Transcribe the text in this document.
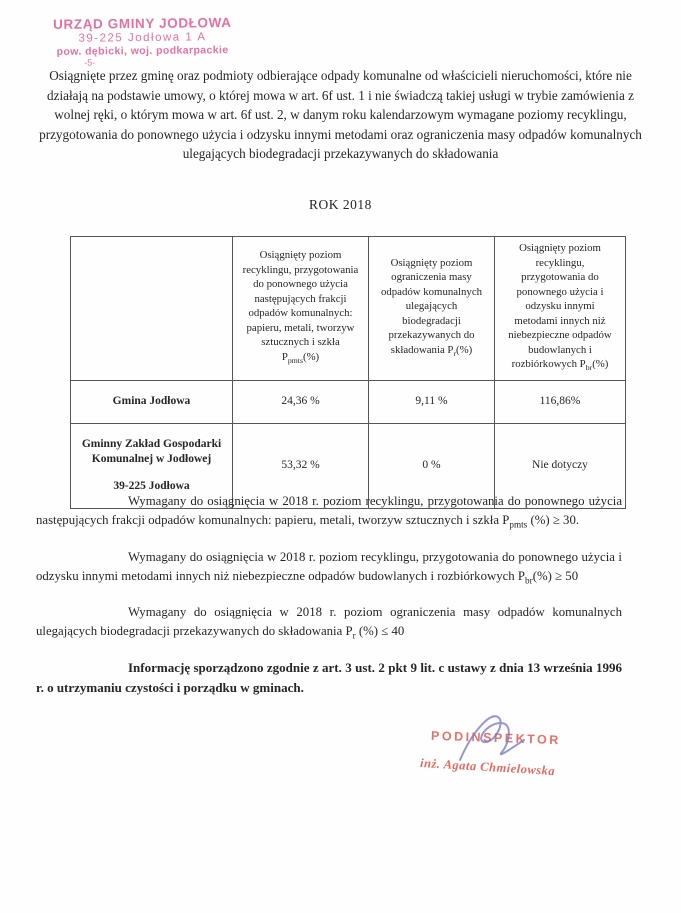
URZĄD GMINY JODŁOWA
39-225 Jodłowa 1 A
pow. dębicki, woj. podkarpackie
-5-

Osiągnięte przez gminę oraz podmioty odbierające odpady komunalne od właścicieli nieruchomości, które nie działają na podstawie umowy, o której mowa w art. 6f ust. 1 i nie świadczą takiej usługi w trybie zamówienia z wolnej ręki, o którym mowa w art. 6f ust. 2, w danym roku kalendarzowym wymagane poziomy recyklingu, przygotowania do ponownego użycia i odzysku innymi metodami oraz ograniczenia masy odpadów komunalnych ulegających biodegradacji przekazywanych do składowania

ROK 2018
	Osiągnięty poziom recyklingu, przygotowania do ponownego użycia następujących frakcji odpadów komunalnych: papieru, metali, tworzyw sztucznych i szkła $P_{pmts}(\%)$	Osiągnięty poziom ograniczenia masy odpadów komunalnych ulegających biodegradacji przekazywanych do składowania $P_r(\%)$	Osiągnięty poziom recyklingu, przygotowania do ponownego użycia i odzysku innymi metodami innych niż niebezpieczne odpadów budowlanych i rozbiórkowych $P_{br}(\%)$
Gmina Jodłowa	24,36 %	9,11 %	116,86%

Gminny Zakład Gospodarki Komunalnej w Jodłowej
39-225 Jodłowa	53,32 %	0 %	Nie dotyczy

Wymagany do osiągnięcia w 2018 r. poziom recyklingu, przygotowania do ponownego użycia następujących frakcji odpadów komunalnych: papieru, metali, tworzyw sztucznych i szkła $P_{pmts}$ (%) ≥ 30.

Wymagany do osiągnięcia w 2018 r. poziom recyklingu, przygotowania do ponownego użycia i odzysku innymi metodami innych niż niebezpieczne odpadów budowlanych i rozbiórkowych $P_{br}(\%) \ge 50$

Wymagany do osiągnięcia w 2018 r. poziom ograniczenia masy odpadów komunalnych ulegających biodegradacji przekazywanych do składowania $P_r$ (%) ≤ 40

Informację sporządzono zgodnie z art. 3 ust. 2 pkt 9 lit. c ustawy z dnia 13 września 1996 r. o utrzymaniu czystości i porządku w gminach.

PODINSPEKTOR
inż. Agata Chmielowska
